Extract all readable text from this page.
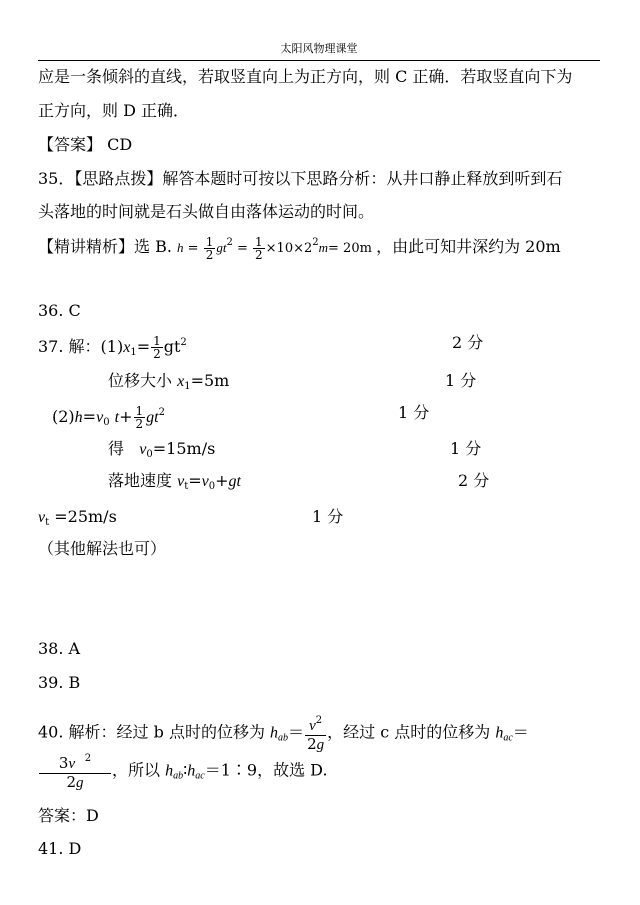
太阳风物理课堂
应是一条倾斜的直线，若取竖直向上为正方向，则 C 正确．若取竖直向下为
正方向，则 D 正确．
【答案】 CD
35．【思路点拨】解答本题时可按以下思路分析：从井口静止释放到听到石
头落地的时间就是石头做自由落体运动的时间。
【精讲精析】选 B. $h = \frac{1}{2} gt^2 = \frac{1}{2} \times 10\times 2^2m= 20m$ ，由此可知井深约为 20m
36. C
37. 解：$(1)x_1= \frac{1}{2} gt^2$	2 分
位移大小 $x_1=5m$	1 分
$(2)h=v_0$ $t+ \frac{1}{2} gt^2$	1 分
得 $v_0=15m/s$	1 分
落地速度 $v_t=v_0+gt$	2 分
$v_t =25m/s$	1 分
（其他解法也可）
38. A
39. B
40. 解析：经过 b 点时的位移为 $h_{ab}= \frac{v^2}{2g}$ ，经过 c 点时的位移为 $h_{ac}=$
$\frac{3v ^2}{2g}$ ，所以 $h_{ab}∶h_{ac}=1∶9$，故选 D.
答案：D
41. D
